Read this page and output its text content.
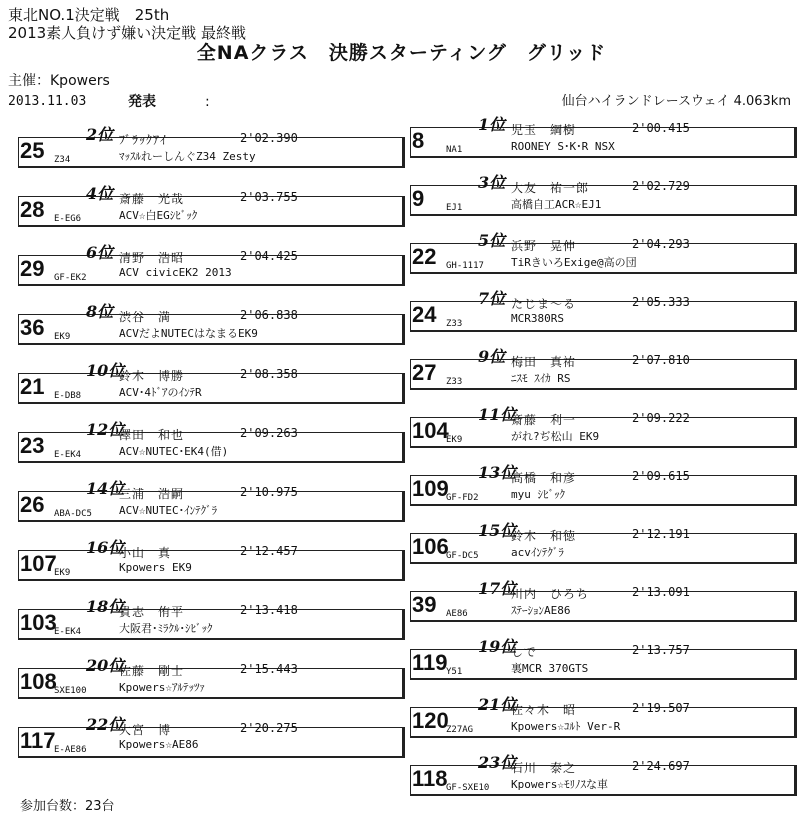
東北NO.1決定戦　25th
2013素人負けず嫌い決定戦 最終戦
全NAクラス　決勝スターティング　グリッド
主催：Kpowers
2013.11.03	発表	:	仙台ハイランドレースウェイ 4.063km
25
2位
Z34
ﾌﾞﾗｯｸｱｲ	2'02.390
ﾏｯｽﾙれーしんぐZ34 Zesty
28
4位
E-EG6
斎藤　光哉	2'03.755
ACV☆白EGｼﾋﾞｯｸ
29
6位
GF-EK2
清野　浩昭	2'04.425
ACV civicEK2 2013
36
8位
EK9
渋谷　満	2'06.838
ACVだよNUTECはなまるEK9
21
10位
E-DB8
鈴木　博勝	2'08.358
ACV･4ﾄﾞｱのｲﾝﾃR
23
12位
E-EK4
澤田　和也	2'09.263
ACV☆NUTEC･EK4(借)
26
14位
ABA-DC5
三浦　浩嗣	2'10.975
ACV☆NUTEC･ｲﾝﾃｸﾞﾗ
107
16位
EK9
小山　真	2'12.457
Kpowers EK9
103
18位
E-EK4
貴志　侑平	2'13.418
大阪君･ﾐﾗｸﾙ･ｼﾋﾞｯｸ
108
20位
SXE100
佐藤　剛士	2'15.443
Kpowers☆ｱﾙﾃｯﾂｧ
117
22位
E-AE86
大宮　博	2'20.275
Kpowers☆AE86
8
1位
NA1
児玉　綱樹	2'00.415
ROONEY S･K･R NSX
9
3位
EJ1
大友　祐一郎	2'02.729
高橋自工ACR☆EJ1
22
5位
GH-1117
浜野　晃伸	2'04.293
TiRきいろExige@高の団
24
7位
Z33
たじま～る	2'05.333
MCR380RS
27
9位
Z33
梅田　真祐	2'07.810
ﾆｽﾓ ｽｲｶ RS
104
11位
EK9
斎藤　利一	2'09.222
がれ?ぢ松山 EK9
109
13位
GF-FD2
高橋　和彦	2'09.615
myu ｼﾋﾞｯｸ
106
15位
GF-DC5
鈴木　和徳	2'12.191
acvｲﾝﾃｸﾞﾗ
39
17位
AE86
川内　ひろち	2'13.091
ｽﾃｰｼｮﾝAE86
119
19位
Y51
しで	2'13.757
裏MCR 370GTS
120
21位
Z27AG
佐々木　昭	2'19.507
Kpowers☆ｺﾙﾄ Ver-R
118
23位
GF-SXE10
石川　泰之	2'24.697
Kpowers☆ﾓﾘﾉｽな車
参加台数：23台
